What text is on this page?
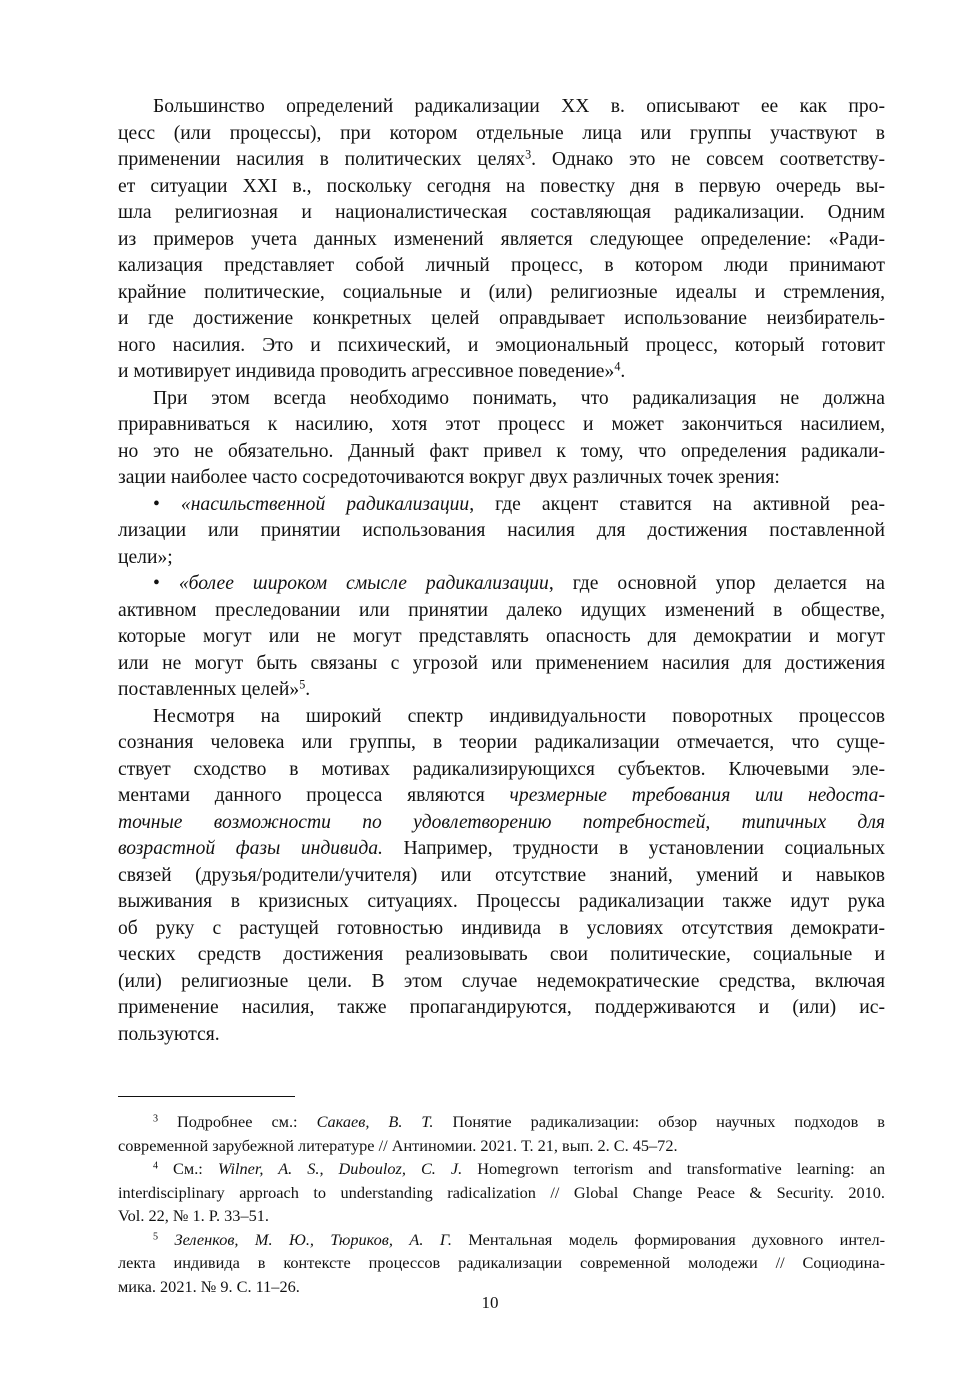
Большинство определений радикализации XX в. описывают ее как про-
цесс (или процессы), при котором отдельные лица или группы участвуют в
применении насилия в политических целях$^3$. Однако это не совсем соответству-
ет ситуации XXI в., поскольку сегодня на повестку дня в первую очередь вы-
шла религиозная и националистическая составляющая радикализации. Одним
из примеров учета данных изменений является следующее определение: «Ради-
кализация представляет собой личный процесс, в котором люди принимают
крайние политические, социальные и (или) религиозные идеалы и стремления,
и где достижение конкретных целей оправдывает использование неизбиратель-
ного насилия. Это и психический, и эмоциональный процесс, который готовит
и мотивирует индивида проводить агрессивное поведение»$^4$.
При этом всегда необходимо понимать, что радикализация не должна
приравниваться к насилию, хотя этот процесс и может закончиться насилием,
но это не обязательно. Данный факт привел к тому, что определения радикали-
зации наиболее часто сосредоточиваются вокруг двух различных точек зрения:
• «насильственной радикализации, где акцент ставится на активной реа-
лизации или принятии использования насилия для достижения поставленной
цели»;
• «более широком смысле радикализации, где основной упор делается на
активном преследовании или принятии далеко идущих изменений в обществе,
которые могут или не могут представлять опасность для демократии и могут
или не могут быть связаны с угрозой или применением насилия для достижения
поставленных целей»$^5$.
Несмотря на широкий спектр индивидуальности поворотных процессов
сознания человека или группы, в теории радикализации отмечается, что суще-
ствует сходство в мотивах радикализирующихся субъектов. Ключевыми эле-
ментами данного процесса являются чрезмерные требования или недоста-
точные возможности по удовлетворению потребностей, типичных для
возрастной фазы индивида. Например, трудности в установлении социальных
связей (друзья/родители/учителя) или отсутствие знаний, умений и навыков
выживания в кризисных ситуациях. Процессы радикализации также идут рука
об руку с растущей готовностью индивида в условиях отсутствия демократи-
ческих средств достижения реализовывать свои политические, социальные и
(или) религиозные цели. В этом случае недемократические средства, включая
применение насилия, также пропагандируются, поддерживаются и (или) ис-
пользуются.
$^3$ Подробнее см.: Сакаев, В. Т. Понятие радикализации: обзор научных подходов в
современной зарубежной литературе // Антиномии. 2021. Т. 21, вып. 2. С. 45–72.
$^4$ См.: Wilner, A. S., Dubouloz, C. J. Homegrown terrorism and transformative learning: an
interdisciplinary approach to understanding radicalization // Global Change Peace & Security. 2010.
Vol. 22, № 1. P. 33–51.
$^5$ Зеленков, М. Ю., Тюриков, А. Г. Ментальная модель формирования духовного интел-
лекта индивида в контексте процессов радикализации современной молодежи // Социодина-
мика. 2021. № 9. С. 11–26.
10
